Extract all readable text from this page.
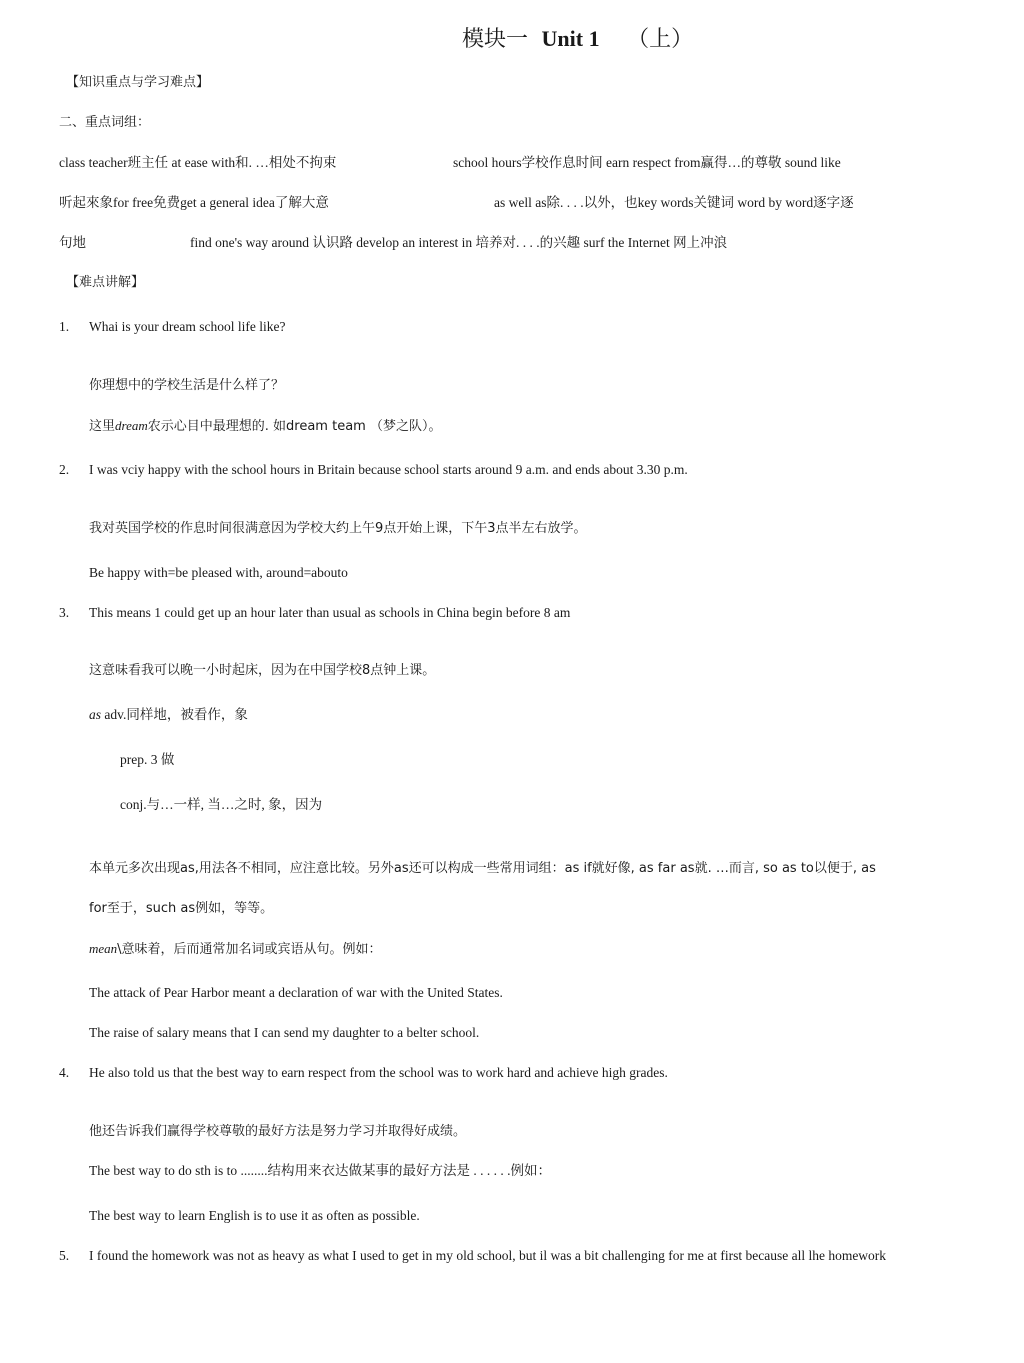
模块一 Unit 1 （上）
【知识重点与学习难点】
二、重点词组：
class teacher班主任 at ease with和. …相处不拘束	school hours学校作息时间 earn respect from赢得…的尊敬 sound like
听起來象for free免费get a general idea了解大意	as well as除. . . .以外，也key words关键词 word by word逐字逐
句地	find one's way around 认识路 develop an interest in 培养对. . . .的兴趣 surf the Internet 网上冲浪
【难点讲解】
1. Whai is your dream school life like?
你理想中的学校生活是什么样了？
这里dream农示心目中最理想的. 如dream team （梦之队）。
2. I was vciy happy with the school hours in Britain because school starts around 9 a.m. and ends about 3.30 p.m.
我对英国学校的作息时间很满意因为学校大约上午9点开始上课，下午3点半左右放学。
Be happy with=be pleased with, around=abouto
3. This means 1 could get up an hour later than usual as schools in China begin before 8 am
这意味看我可以晚一小时起床，因为在中国学校8点钟上课。
as adv.同样地，被看作，象
prep. 3 做
conj.与…一样, 当…之时, 象，因为
本单元多次出现as,用法各不相同，应注意比较。另外as还可以构成一些常用词组：as if就好像, as far as就. …而言, so as to以便于, as
for至于，such as例如，等等。
mean\意味着，后而通常加名词或宾语从句。例如：
The attack of Pear Harbor meant a declaration of war with the United States.
The raise of salary means that I can send my daughter to a belter school.
4. He also told us that the best way to earn respect from the school was to work hard and achieve high grades.
他还告诉我们赢得学校尊敬的最好方法是努力学习并取得好成绩。
The best way to do sth is to ........结构用来衣达做某事的最好方法是 . . . . . .例如：
The best way to learn English is to use it as often as possible.
5. I found the homework was not as heavy as what I used to get in my old school, but il was a bit challenging for me at first because all lhe homework
